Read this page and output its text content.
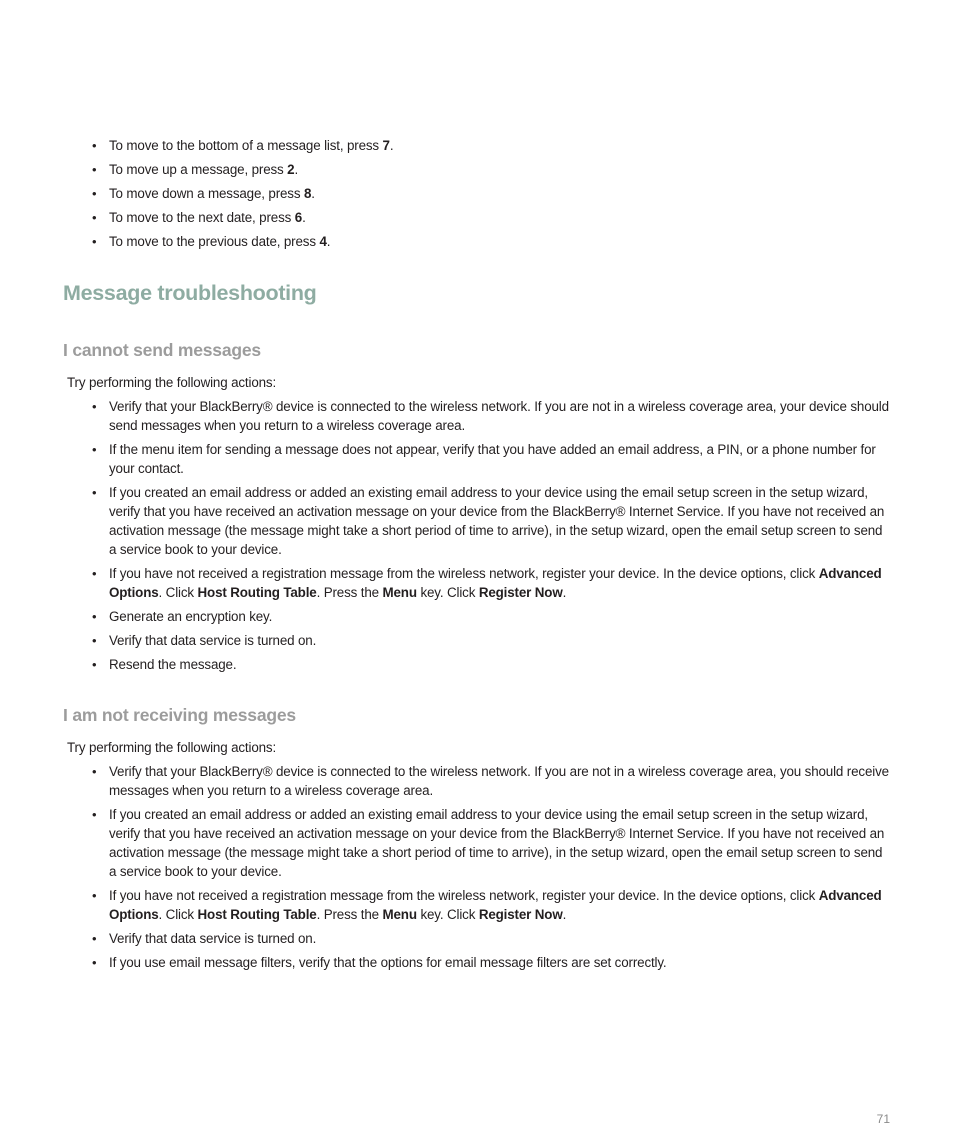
• To move to the bottom of a message list, press 7.
• To move up a message, press 2.
• To move down a message, press 8.
• To move to the next date, press 6.
• To move to the previous date, press 4.
Message troubleshooting
I cannot send messages

Try performing the following actions:

• Verify that your BlackBerry® device is connected to the wireless network. If you are not in a wireless coverage area, your device should send messages when you return to a wireless coverage area.
• If the menu item for sending a message does not appear, verify that you have added an email address, a PIN, or a phone number for your contact.
• If you created an email address or added an existing email address to your device using the email setup screen in the setup wizard, verify that you have received an activation message on your device from the BlackBerry® Internet Service. If you have not received an activation message (the message might take a short period of time to arrive), in the setup wizard, open the email setup screen to send a service book to your device.
• If you have not received a registration message from the wireless network, register your device. In the device options, click Advanced Options. Click Host Routing Table. Press the Menu key. Click Register Now.
• Generate an encryption key.
• Verify that data service is turned on.
• Resend the message.
I am not receiving messages

Try performing the following actions:

• Verify that your BlackBerry® device is connected to the wireless network. If you are not in a wireless coverage area, you should receive messages when you return to a wireless coverage area.
• If you created an email address or added an existing email address to your device using the email setup screen in the setup wizard, verify that you have received an activation message on your device from the BlackBerry® Internet Service. If you have not received an activation message (the message might take a short period of time to arrive), in the setup wizard, open the email setup screen to send a service book to your device.
• If you have not received a registration message from the wireless network, register your device. In the device options, click Advanced Options. Click Host Routing Table. Press the Menu key. Click Register Now.
• Verify that data service is turned on.
• If you use email message filters, verify that the options for email message filters are set correctly.
71
